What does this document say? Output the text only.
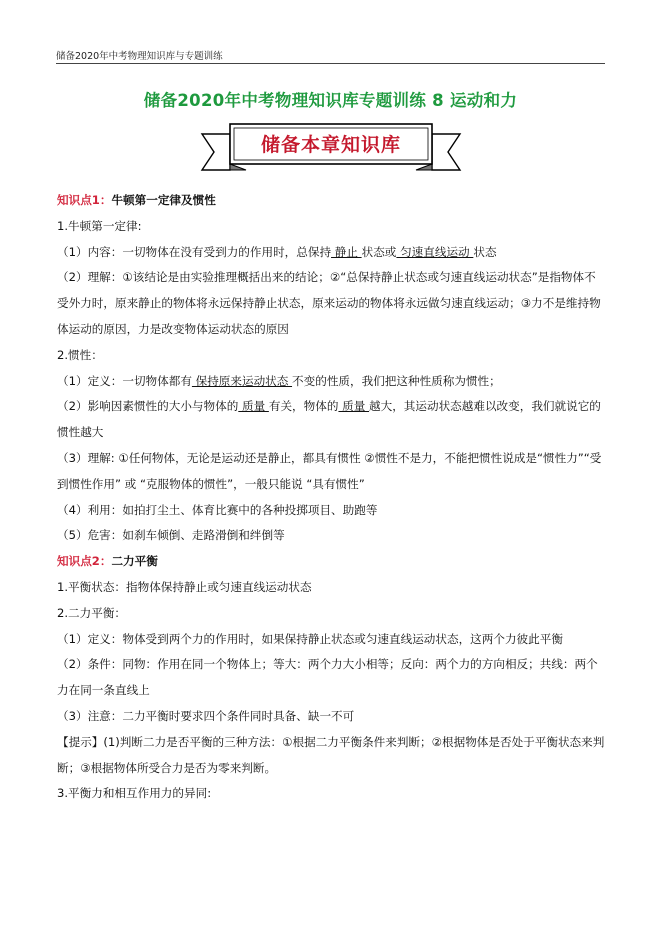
储备2020年中考物理知识库与专题训练
储备2020年中考物理知识库专题训练 8 运动和力
储备本章知识库
知识点1：牛顿第一定律及惯性
1.牛顿第一定律:
（1）内容：一切物体在没有受到力的作用时，总保持 静止 状态或 匀速直线运动 状态
（2）理解：①该结论是由实验推理概括出来的结论；②“总保持静止状态或匀速直线运动状态”是指物体不受外力时，原来静止的物体将永远保持静止状态，原来运动的物体将永远做匀速直线运动；③力不是维持物体运动的原因，力是改变物体运动状态的原因
2.惯性：
（1）定义：一切物体都有 保持原来运动状态 不变的性质，我们把这种性质称为惯性；
（2）影响因素惯性的大小与物体的 质量 有关，物体的 质量 越大，其运动状态越难以改变，我们就说它的惯性越大
（3）理解: ①任何物体，无论是运动还是静止，都具有惯性 ②惯性不是力，不能把惯性说成是“惯性力”“受到惯性作用” 或 “克服物体的惯性”，一般只能说 “具有惯性”
（4）利用：如拍打尘土、体育比赛中的各种投掷项目、助跑等
（5）危害：如刹车倾倒、走路滑倒和绊倒等
知识点2：二力平衡
1.平衡状态：指物体保持静止或匀速直线运动状态
2.二力平衡：
（1）定义：物体受到两个力的作用时，如果保持静止状态或匀速直线运动状态，这两个力彼此平衡
（2）条件：同物：作用在同一个物体上；等大：两个力大小相等；反向：两个力的方向相反；共线：两个力在同一条直线上
（3）注意：二力平衡时要求四个条件同时具备、缺一不可
【提示】(1)判断二力是否平衡的三种方法：①根据二力平衡条件来判断；②根据物体是否处于平衡状态来判断；③根据物体所受合力是否为零来判断。
3.平衡力和相互作用力的异同:
